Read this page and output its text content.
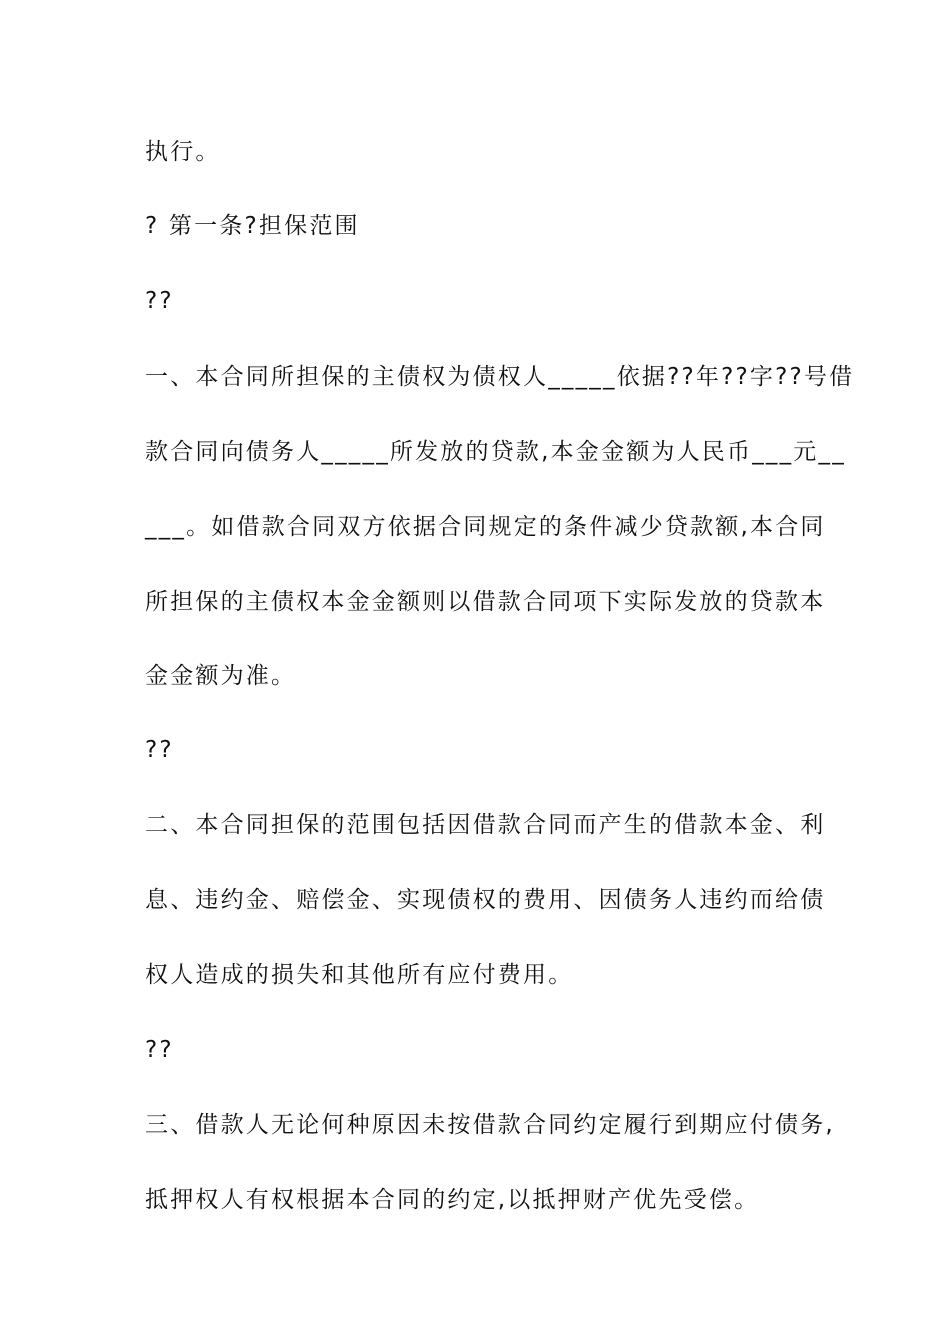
执行。
? 第一条?担保范围
??
一、本合同所担保的主债权为债权人_____依据??年??字??号借
款合同向债务人_____所发放的贷款,本金金额为人民币___元__
___。如借款合同双方依据合同规定的条件减少贷款额,本合同
所担保的主债权本金金额则以借款合同项下实际发放的贷款本
金金额为准。
??
二、本合同担保的范围包括因借款合同而产生的借款本金、利
息、违约金、赔偿金、实现债权的费用、因债务人违约而给债
权人造成的损失和其他所有应付费用。
??
三、借款人无论何种原因未按借款合同约定履行到期应付债务,
抵押权人有权根据本合同的约定,以抵押财产优先受偿。
